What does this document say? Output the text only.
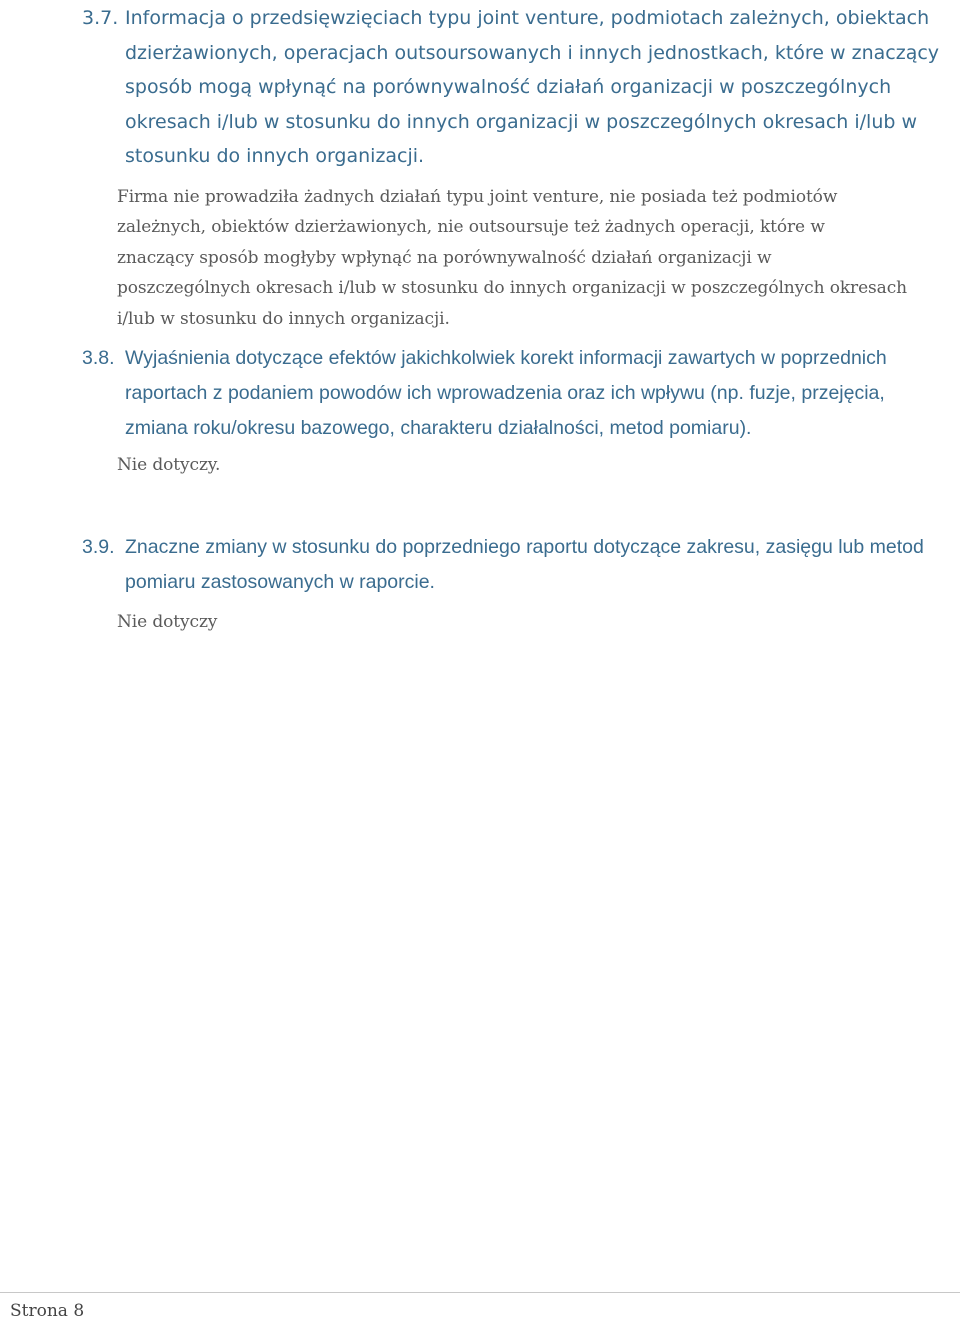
3.7. Informacja o przedsięwzięciach typu joint venture, podmiotach zależnych, obiektach dzierżawionych, operacjach outsoursowanych i innych jednostkach, które w znaczący sposób mogą wpłynąć na porównywalność działań organizacji w poszczególnych okresach i/lub w stosunku do innych organizacji w poszczególnych okresach i/lub w stosunku do innych organizacji.
Firma nie prowadziła żadnych działań typu joint venture, nie posiada też podmiotów zależnych, obiektów dzierżawionych, nie outsoursuje też żadnych operacji, które w znaczący sposób mogłyby wpłynąć na porównywalność działań organizacji w poszczególnych okresach i/lub w stosunku do innych organizacji w poszczególnych okresach i/lub w stosunku do innych organizacji.
3.8. Wyjaśnienia dotyczące efektów jakichkolwiek korekt informacji zawartych w poprzednich raportach z podaniem powodów ich wprowadzenia oraz ich wpływu (np. fuzje, przejęcia, zmiana roku/okresu bazowego, charakteru działalności, metod pomiaru).
Nie dotyczy.
3.9. Znaczne zmiany w stosunku do poprzedniego raportu dotyczące zakresu, zasięgu lub metod pomiaru zastosowanych w raporcie.
Nie dotyczy
Strona 8
